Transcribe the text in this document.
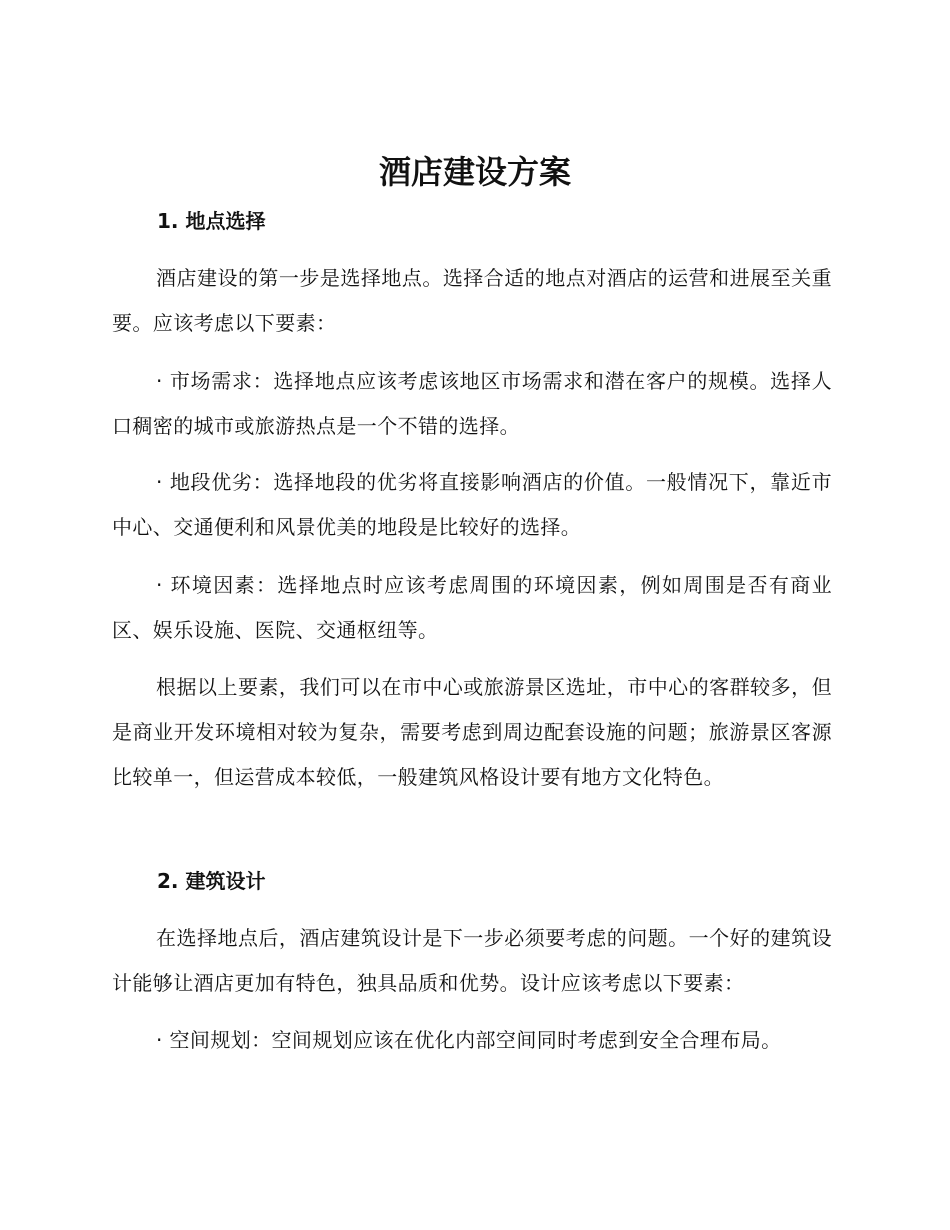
酒店建设方案
1. 地点选择

酒店建设的第一步是选择地点。选择合适的地点对酒店的运营和进展至关重要。应该考虑以下要素：

· 市场需求：选择地点应该考虑该地区市场需求和潜在客户的规模。选择人口稠密的城市或旅游热点是一个不错的选择。

· 地段优劣：选择地段的优劣将直接影响酒店的价值。一般情况下，靠近市中心、交通便利和风景优美的地段是比较好的选择。

· 环境因素：选择地点时应该考虑周围的环境因素，例如周围是否有商业区、娱乐设施、医院、交通枢纽等。

根据以上要素，我们可以在市中心或旅游景区选址，市中心的客群较多，但是商业开发环境相对较为复杂，需要考虑到周边配套设施的问题；旅游景区客源比较单一，但运营成本较低，一般建筑风格设计要有地方文化特色。

2. 建筑设计

在选择地点后，酒店建筑设计是下一步必须要考虑的问题。一个好的建筑设计能够让酒店更加有特色，独具品质和优势。设计应该考虑以下要素：

· 空间规划：空间规划应该在优化内部空间同时考虑到安全合理布局。
